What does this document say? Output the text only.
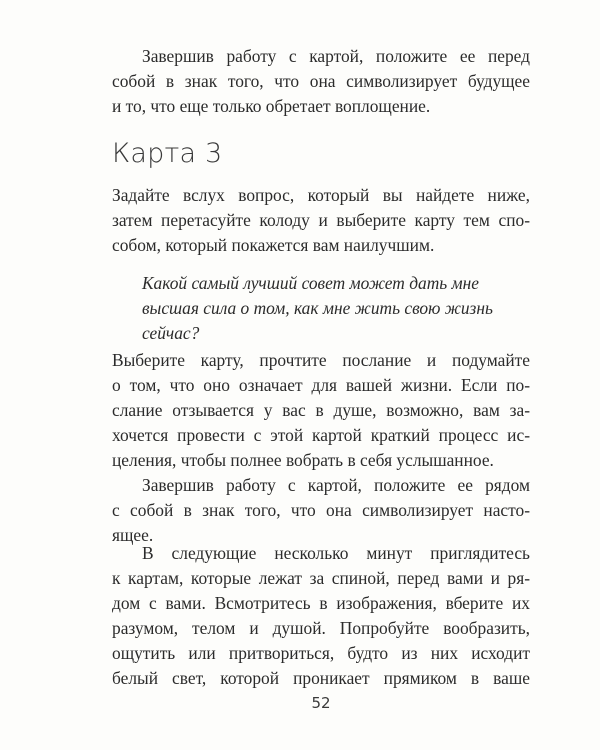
Завершив работу с картой, положите ее перед
собой в знак того, что она символизирует будущее
и то, что еще только обретает воплощение.
Карта 3
Задайте вслух вопрос, который вы найдете ниже,
затем перетасуйте колоду и выберите карту тем спо-
собом, который покажется вам наилучшим.
Какой самый лучший совет может дать мне
высшая сила о том, как мне жить свою жизнь
сейчас?
Выберите карту, прочтите послание и подумайте
о том, что оно означает для вашей жизни. Если по-
слание отзывается у вас в душе, возможно, вам за-
хочется провести с этой картой краткий процесс ис-
целения, чтобы полнее вобрать в себя услышанное.
Завершив работу с картой, положите ее рядом
с собой в знак того, что она символизирует насто-
ящее.
В следующие несколько минут приглядитесь
к картам, которые лежат за спиной, перед вами и ря-
дом с вами. Всмотритесь в изображения, вберите их
разумом, телом и душой. Попробуйте вообразить,
ощутить или притвориться, будто из них исходит
белый свет, которой проникает прямиком в ваше
52
